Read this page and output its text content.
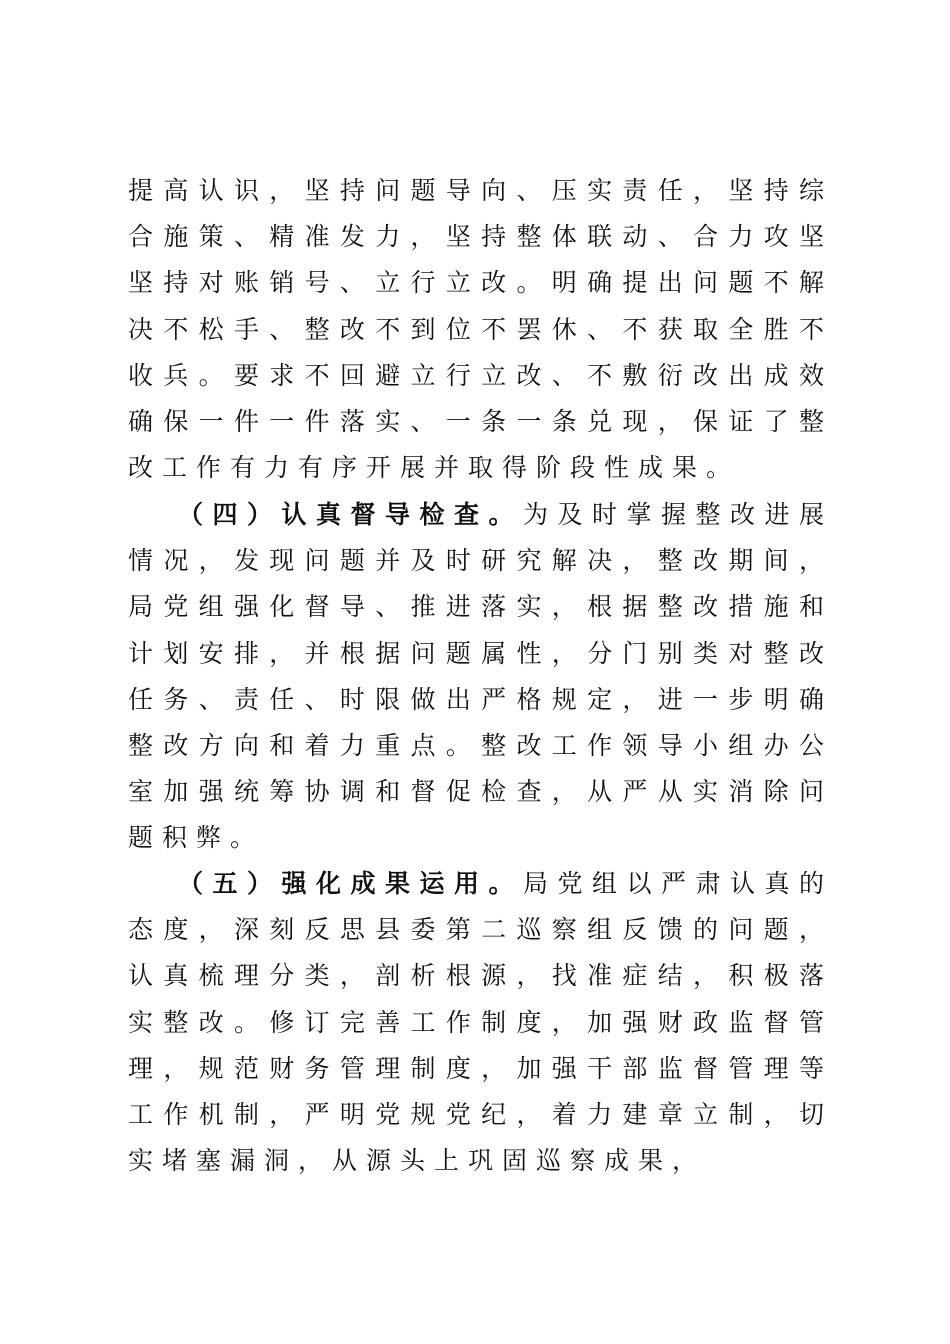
提高认识，坚持问题导向、压实责任，坚持综
合施策、精准发力，坚持整体联动、合力攻坚
坚持对账销号、立行立改。明确提出问题不解
决不松手、整改不到位不罢休、不获取全胜不
收兵。要求不回避立行立改、不敷衍改出成效
确保一件一件落实、一条一条兑现，保证了整
改工作有力有序开展并取得阶段性成果。
（四）认真督导检查。为及时掌握整改进展
情况，发现问题并及时研究解决，整改期间，
局党组强化督导、推进落实，根据整改措施和
计划安排，并根据问题属性，分门别类对整改
任务、责任、时限做出严格规定，进一步明确
整改方向和着力重点。整改工作领导小组办公
室加强统筹协调和督促检查，从严从实消除问
题积弊。
（五）强化成果运用。局党组以严肃认真的
态度，深刻反思县委第二巡察组反馈的问题，
认真梳理分类，剖析根源，找准症结，积极落
实整改。修订完善工作制度，加强财政监督管
理，规范财务管理制度，加强干部监督管理等
工作机制，严明党规党纪，着力建章立制，切
实堵塞漏洞，从源头上巩固巡察成果，
